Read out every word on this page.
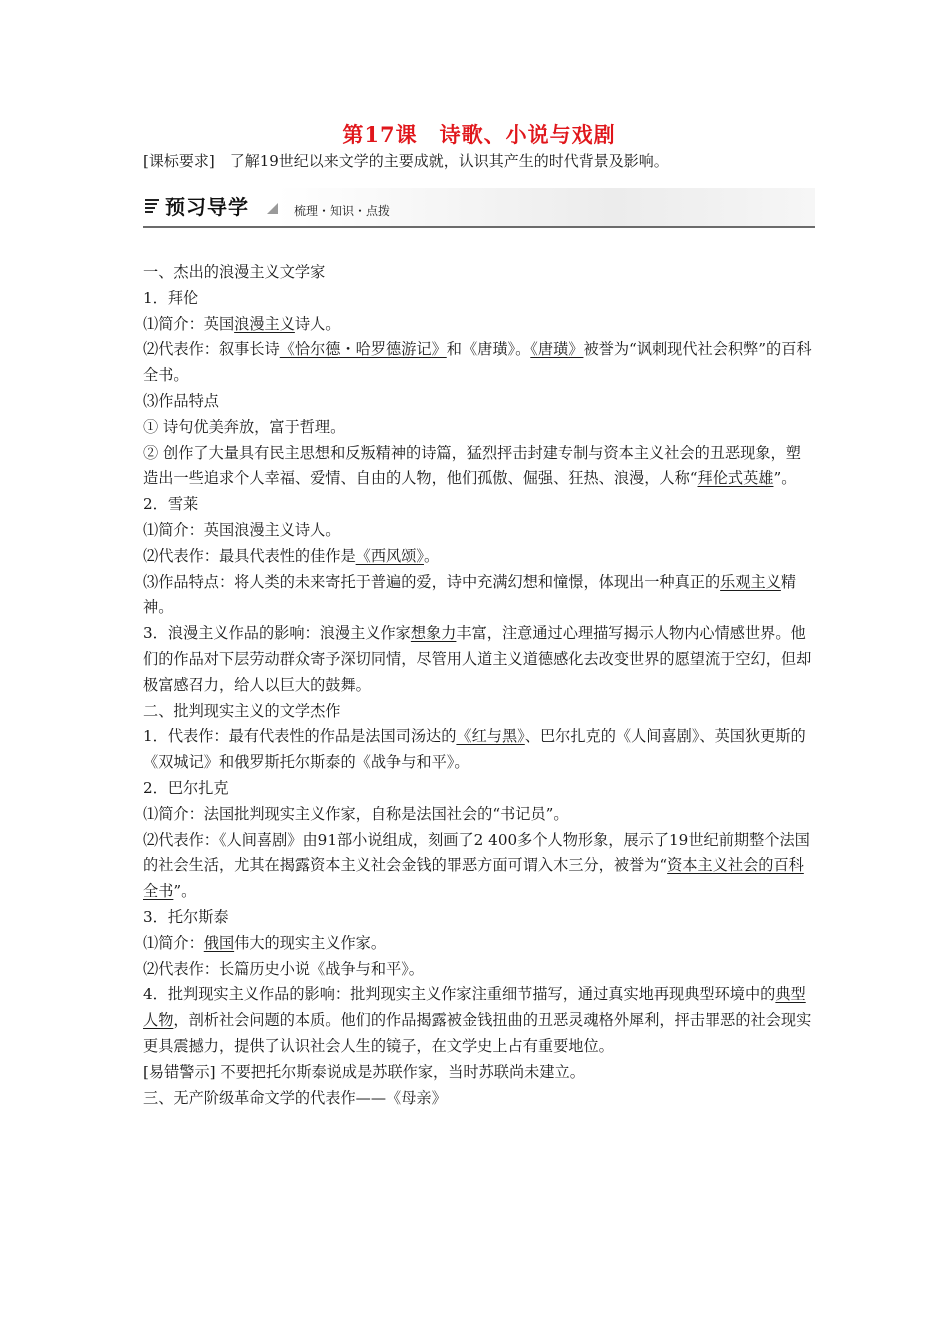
第17课　诗歌、小说与戏剧

[课标要求]　了解19世纪以来文学的主要成就，认识其产生的时代背景及影响。

预习导学	梳理・知识・点拨

一、杰出的浪漫主义文学家

1．拜伦

⑴简介：英国浪漫主义诗人。

⑵代表作：叙事长诗《恰尔德・哈罗德游记》和《唐璜》。《唐璜》被誉为“讽刺现代社会积弊”的百科全书。

⑶作品特点

① 诗句优美奔放，富于哲理。

② 创作了大量具有民主思想和反叛精神的诗篇，猛烈抨击封建专制与资本主义社会的丑恶现象，塑造出一些追求个人幸福、爱情、自由的人物，他们孤傲、倔强、狂热、浪漫，人称“拜伦式英雄”。

2．雪莱

⑴简介：英国浪漫主义诗人。

⑵代表作：最具代表性的佳作是《西风颂》。

⑶作品特点：将人类的未来寄托于普遍的爱，诗中充满幻想和憧憬，体现出一种真正的乐观主义精神。

3．浪漫主义作品的影响：浪漫主义作家想象力丰富，注意通过心理描写揭示人物内心情感世界。他们的作品对下层劳动群众寄予深切同情，尽管用人道主义道德感化去改变世界的愿望流于空幻，但却极富感召力，给人以巨大的鼓舞。

二、批判现实主义的文学杰作

1．代表作：最有代表性的作品是法国司汤达的《红与黑》、巴尔扎克的《人间喜剧》、英国狄更斯的《双城记》和俄罗斯托尔斯泰的《战争与和平》。

2．巴尔扎克

⑴简介：法国批判现实主义作家，自称是法国社会的“书记员”。

⑵代表作：《人间喜剧》由91部小说组成，刻画了2 400多个人物形象，展示了19世纪前期整个法国的社会生活，尤其在揭露资本主义社会金钱的罪恶方面可谓入木三分，被誉为“资本主义社会的百科全书”。

3．托尔斯泰

⑴简介：俄国伟大的现实主义作家。

⑵代表作：长篇历史小说《战争与和平》。

4．批判现实主义作品的影响：批判现实主义作家注重细节描写，通过真实地再现典型环境中的典型人物，剖析社会问题的本质。他们的作品揭露被金钱扭曲的丑恶灵魂格外犀利，抨击罪恶的社会现实更具震撼力，提供了认识社会人生的镜子，在文学史上占有重要地位。

[易错警示] 不要把托尔斯泰说成是苏联作家，当时苏联尚未建立。

三、无产阶级革命文学的代表作——《母亲》
